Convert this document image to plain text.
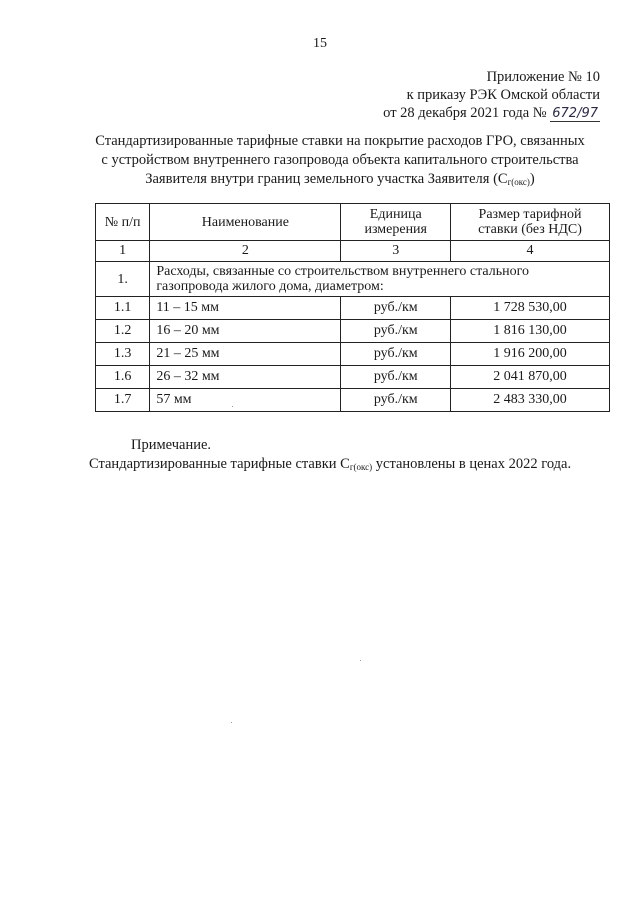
15
Приложение № 10
к приказу РЭК Омской области
от 28 декабря 2021 года № 672/97
Стандартизированные тарифные ставки на покрытие расходов ГРО, связанных
с устройством внутреннего газопровода объекта капитального строительства
Заявителя внутри границ земельного участка Заявителя $(С_{г(окс)})$
№ п/п	Наименование	Единица измерения	Размер тарифной ставки (без НДС)
1	2	3	4
1.	Расходы, связанные со строительством внутреннего стального газопровода жилого дома, диаметром:		
1.1	11 – 15 мм	руб./км	1 728 530,00
1.2	16 – 20 мм	руб./км	1 816 130,00
1.3	21 – 25 мм	руб./км	1 916 200,00
1.6	26 – 32 мм	руб./км	2 041 870,00
1.7	57 мм	руб./км	2 483 330,00
Примечание.
Стандартизированные тарифные ставки $С_{г(окс)}$ установлены в ценах 2022 года.
